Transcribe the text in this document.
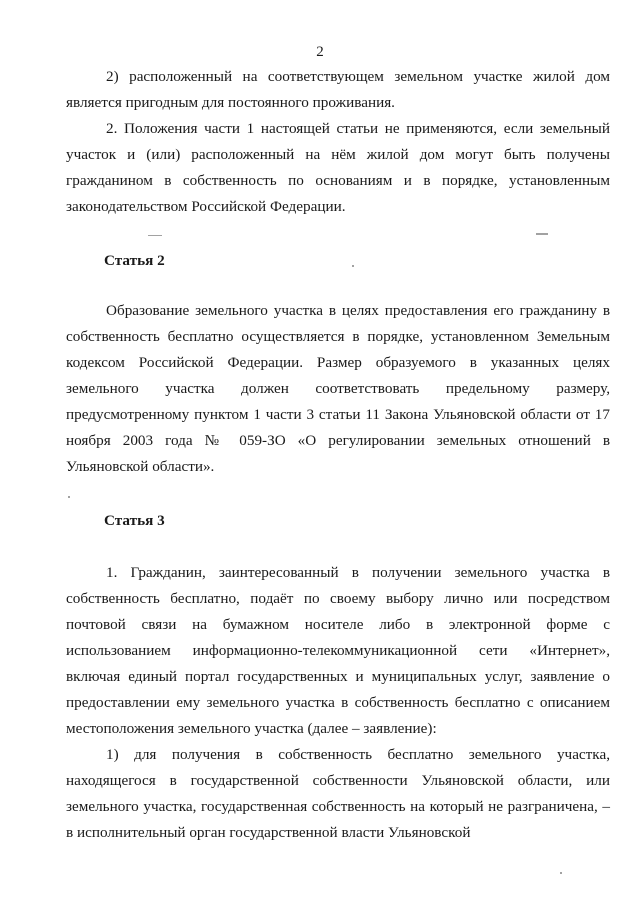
2

2) расположенный на соответствующем земельном участке жилой дом является пригодным для постоянного проживания.

2. Положения части 1 настоящей статьи не применяются, если земельный участок и (или) расположенный на нём жилой дом могут быть получены гражданином в собственность по основаниям и в порядке, установленным законодательством Российской Федерации.

Статья 2

Образование земельного участка в целях предоставления его гражданину в собственность бесплатно осуществляется в порядке, установленном Земельным кодексом Российской Федерации. Размер образуемого в указанных целях земельного участка должен соответствовать предельному размеру, предусмотренному пунктом 1 части 3 статьи 11 Закона Ульяновской области от 17 ноября 2003 года № 059-ЗО «О регулировании земельных отношений в Ульяновской области».

Статья 3

1. Гражданин, заинтересованный в получении земельного участка в собственность бесплатно, подаёт по своему выбору лично или посредством почтовой связи на бумажном носителе либо в электронной форме с использованием информационно-телекоммуникационной сети «Интернет», включая единый портал государственных и муниципальных услуг, заявление о предоставлении ему земельного участка в собственность бесплатно с описанием местоположения земельного участка (далее – заявление):

1) для получения в собственность бесплатно земельного участка, находящегося в государственной собственности Ульяновской области, или земельного участка, государственная собственность на который не разграничена, – в исполнительный орган государственной власти Ульяновской
